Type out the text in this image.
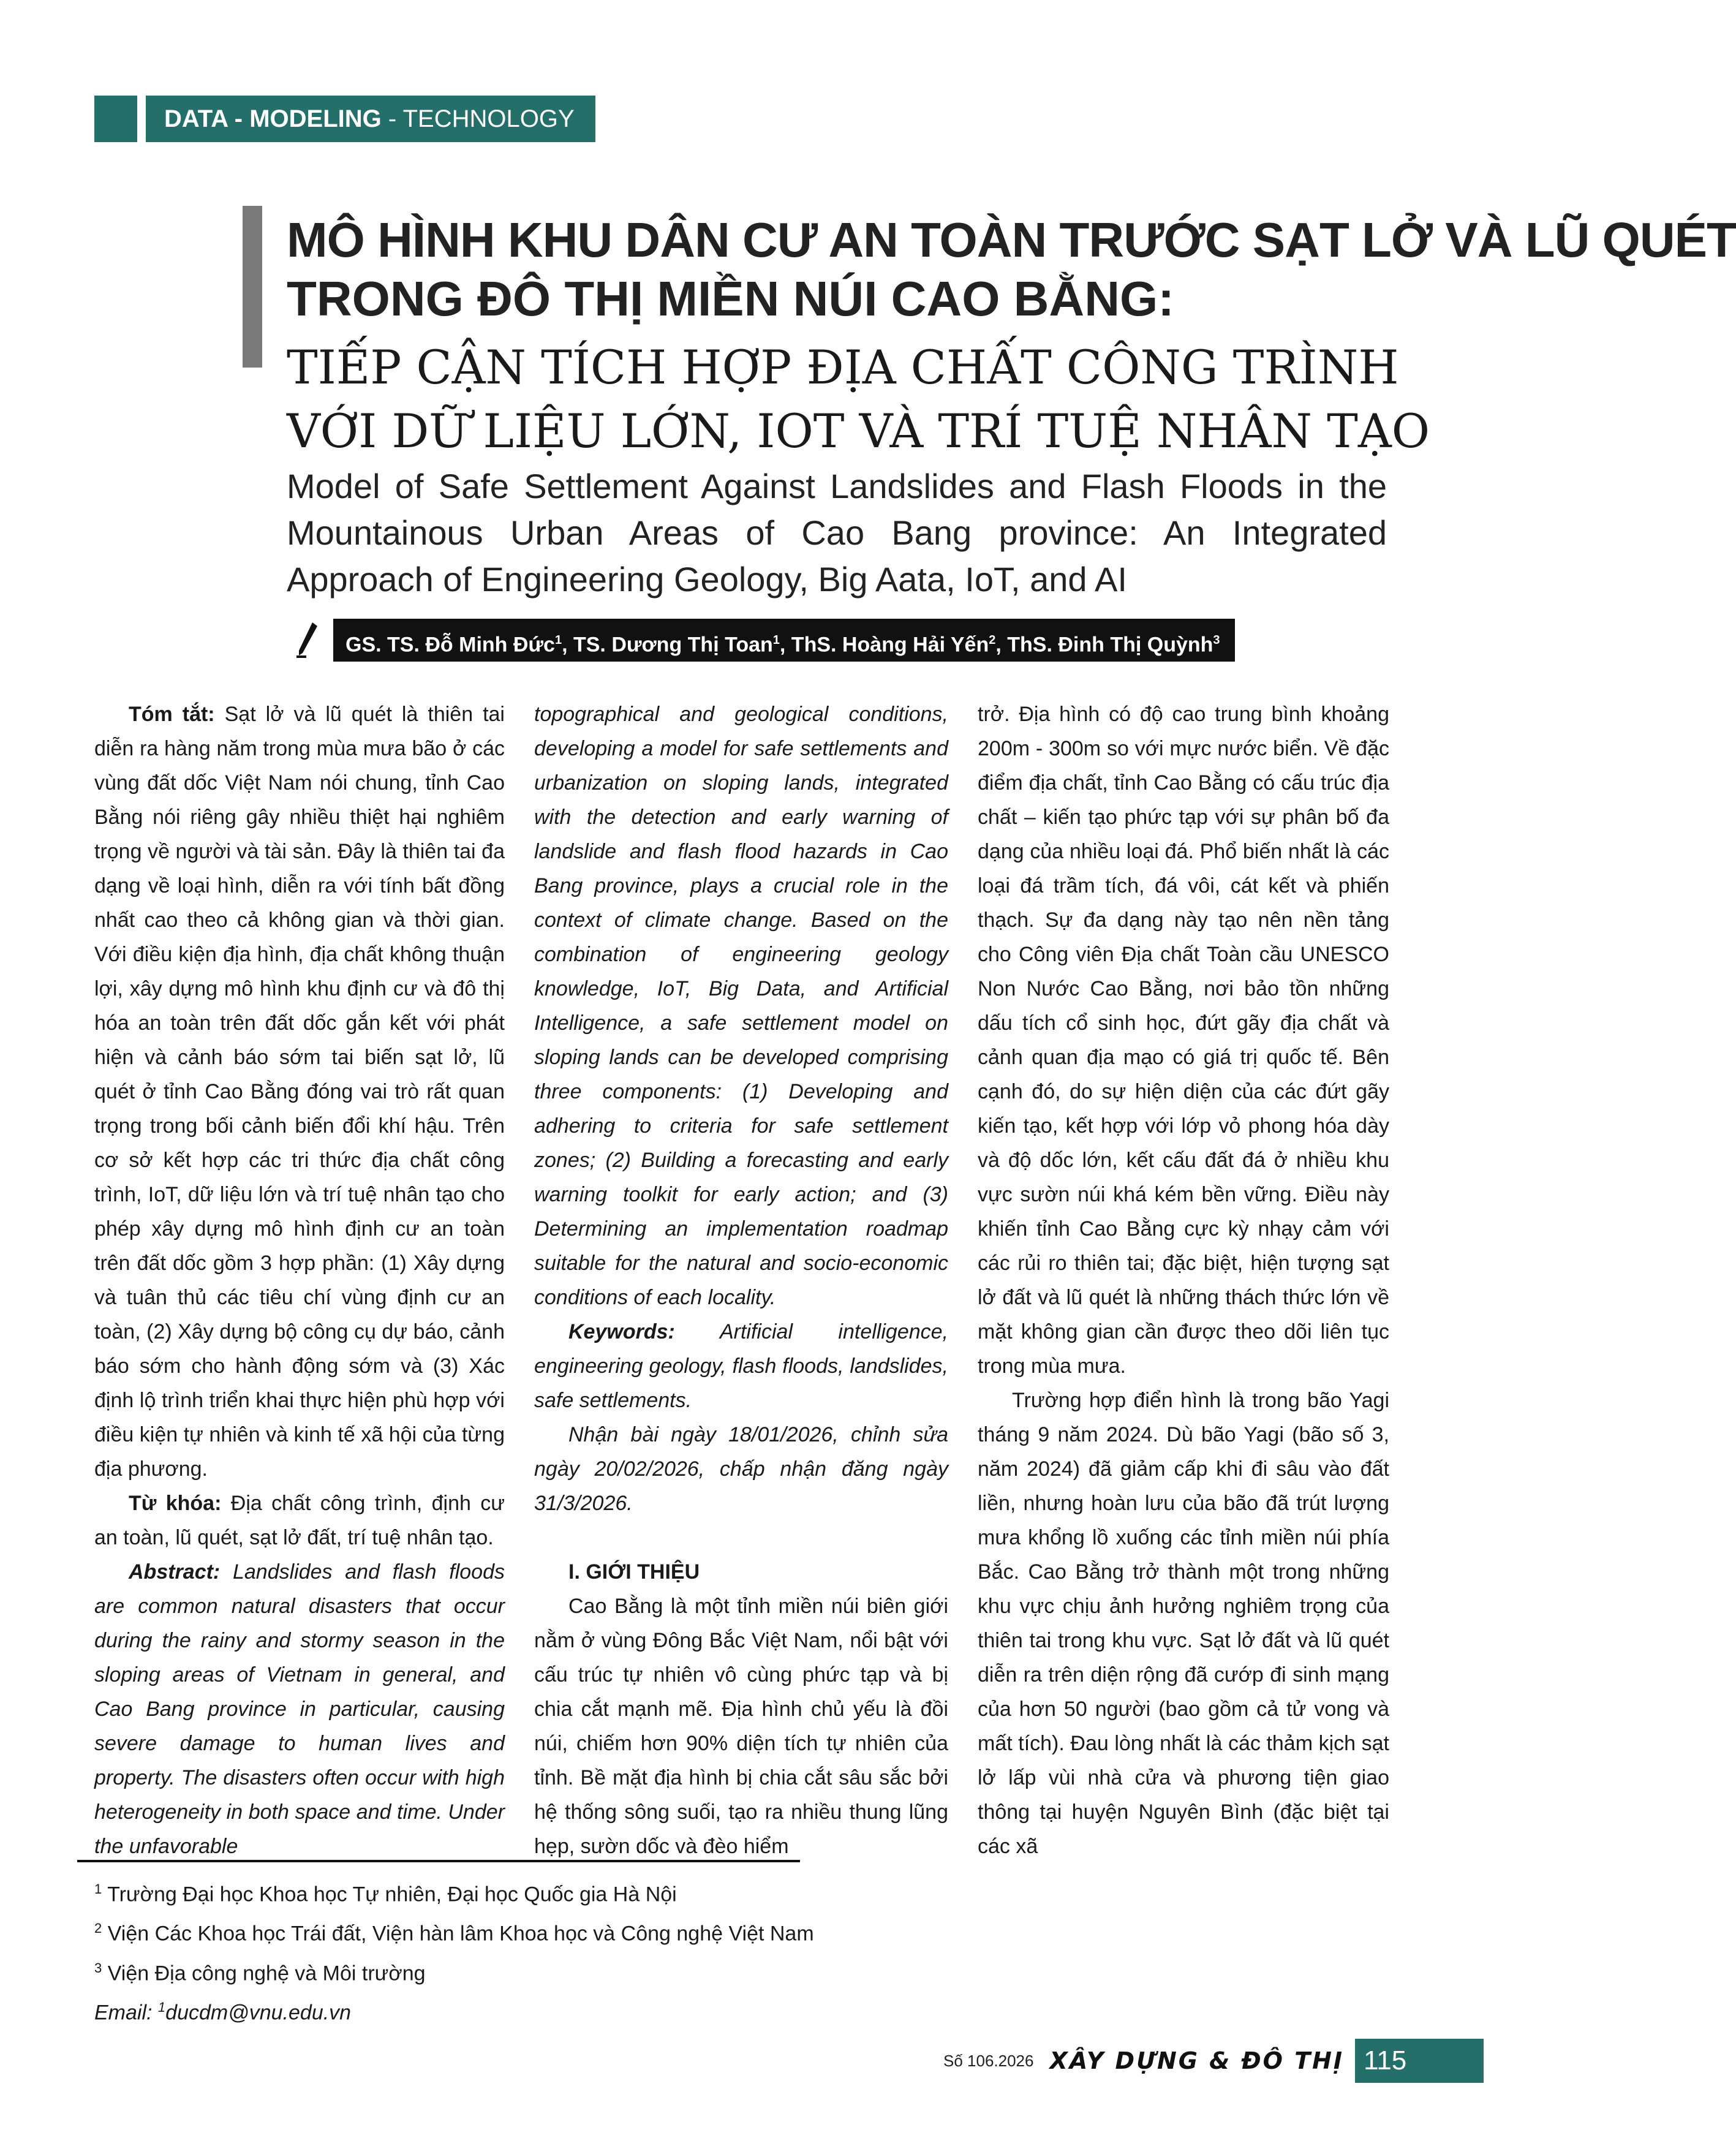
DATA - MODELING - TECHNOLOGY
MÔ HÌNH KHU DÂN CƯ AN TOÀN TRƯỚC SẠT LỞ VÀ LŨ QUÉT
TRONG ĐÔ THỊ MIỀN NÚI CAO BẰNG:
TIẾP CẬN TÍCH HỢP ĐỊA CHẤT CÔNG TRÌNH
VỚI DỮ LIỆU LỚN, IOT VÀ TRÍ TUỆ NHÂN TẠO
Model of Safe Settlement Against Landslides and Flash Floods in the Mountainous Urban Areas of Cao Bang province: An Integrated Approach of Engineering Geology, Big Aata, IoT, and AI
GS. TS. Đỗ Minh Đức$^1$, TS. Dương Thị Toan$^1$, ThS. Hoàng Hải Yến$^2$, ThS. Đinh Thị Quỳnh$^3$

Tóm tắt: Sạt lở và lũ quét là thiên tai diễn ra hàng năm trong mùa mưa bão ở các vùng đất dốc Việt Nam nói chung, tỉnh Cao Bằng nói riêng gây nhiều thiệt hại nghiêm trọng về người và tài sản. Đây là thiên tai đa dạng về loại hình, diễn ra với tính bất đồng nhất cao theo cả không gian và thời gian. Với điều kiện địa hình, địa chất không thuận lợi, xây dựng mô hình khu định cư và đô thị hóa an toàn trên đất dốc gắn kết với phát hiện và cảnh báo sớm tai biến sạt lở, lũ quét ở tỉnh Cao Bằng đóng vai trò rất quan trọng trong bối cảnh biến đổi khí hậu. Trên cơ sở kết hợp các tri thức địa chất công trình, IoT, dữ liệu lớn và trí tuệ nhân tạo cho phép xây dựng mô hình định cư an toàn trên đất dốc gồm 3 hợp phần: (1) Xây dựng và tuân thủ các tiêu chí vùng định cư an toàn, (2) Xây dựng bộ công cụ dự báo, cảnh báo sớm cho hành động sớm và (3) Xác định lộ trình triển khai thực hiện phù hợp với điều kiện tự nhiên và kinh tế xã hội của từng địa phương.

Từ khóa: Địa chất công trình, định cư an toàn, lũ quét, sạt lở đất, trí tuệ nhân tạo.

Abstract: Landslides and flash floods are common natural disasters that occur during the rainy and stormy season in the sloping areas of Vietnam in general, and Cao Bang province in particular, causing severe damage to human lives and property. The disasters often occur with high heterogeneity in both space and time. Under the unfavorable

topographical and geological conditions, developing a model for safe settlements and urbanization on sloping lands, integrated with the detection and early warning of landslide and flash flood hazards in Cao Bang province, plays a crucial role in the context of climate change. Based on the combination of engineering geology knowledge, IoT, Big Data, and Artificial Intelligence, a safe settlement model on sloping lands can be developed comprising three components: (1) Developing and adhering to criteria for safe settlement zones; (2) Building a forecasting and early warning toolkit for early action; and (3) Determining an implementation roadmap suitable for the natural and socio-economic conditions of each locality.

Keywords: Artificial intelligence, engineering geology, flash floods, landslides, safe settlements.

Nhận bài ngày 18/01/2026, chỉnh sửa ngày 20/02/2026, chấp nhận đăng ngày 31/3/2026.

I. GIỚI THIỆU

Cao Bằng là một tỉnh miền núi biên giới nằm ở vùng Đông Bắc Việt Nam, nổi bật với cấu trúc tự nhiên vô cùng phức tạp và bị chia cắt mạnh mẽ. Địa hình chủ yếu là đồi núi, chiếm hơn 90% diện tích tự nhiên của tỉnh. Bề mặt địa hình bị chia cắt sâu sắc bởi hệ thống sông suối, tạo ra nhiều thung lũng hẹp, sườn dốc và đèo hiểm

trở. Địa hình có độ cao trung bình khoảng 200m - 300m so với mực nước biển. Về đặc điểm địa chất, tỉnh Cao Bằng có cấu trúc địa chất – kiến tạo phức tạp với sự phân bố đa dạng của nhiều loại đá. Phổ biến nhất là các loại đá trầm tích, đá vôi, cát kết và phiến thạch. Sự đa dạng này tạo nên nền tảng cho Công viên Địa chất Toàn cầu UNESCO Non Nước Cao Bằng, nơi bảo tồn những dấu tích cổ sinh học, đứt gãy địa chất và cảnh quan địa mạo có giá trị quốc tế. Bên cạnh đó, do sự hiện diện của các đứt gãy kiến tạo, kết hợp với lớp vỏ phong hóa dày và độ dốc lớn, kết cấu đất đá ở nhiều khu vực sườn núi khá kém bền vững. Điều này khiến tỉnh Cao Bằng cực kỳ nhạy cảm với các rủi ro thiên tai; đặc biệt, hiện tượng sạt lở đất và lũ quét là những thách thức lớn về mặt không gian cần được theo dõi liên tục trong mùa mưa.

Trường hợp điển hình là trong bão Yagi tháng 9 năm 2024. Dù bão Yagi (bão số 3, năm 2024) đã giảm cấp khi đi sâu vào đất liền, nhưng hoàn lưu của bão đã trút lượng mưa khổng lồ xuống các tỉnh miền núi phía Bắc. Cao Bằng trở thành một trong những khu vực chịu ảnh hưởng nghiêm trọng của thiên tai trong khu vực. Sạt lở đất và lũ quét diễn ra trên diện rộng đã cướp đi sinh mạng của hơn 50 người (bao gồm cả tử vong và mất tích). Đau lòng nhất là các thảm kịch sạt lở lấp vùi nhà cửa và phương tiện giao thông tại huyện Nguyên Bình (đặc biệt tại các xã

$^1$ Trường Đại học Khoa học Tự nhiên, Đại học Quốc gia Hà Nội
$^2$ Viện Các Khoa học Trái đất, Viện hàn lâm Khoa học và Công nghệ Việt Nam
$^3$ Viện Địa công nghệ và Môi trường
Email: $^1$ducdm@vnu.edu.vn
Số 106.2026 XÂY DỰNG & ĐÔ THỊ 115
